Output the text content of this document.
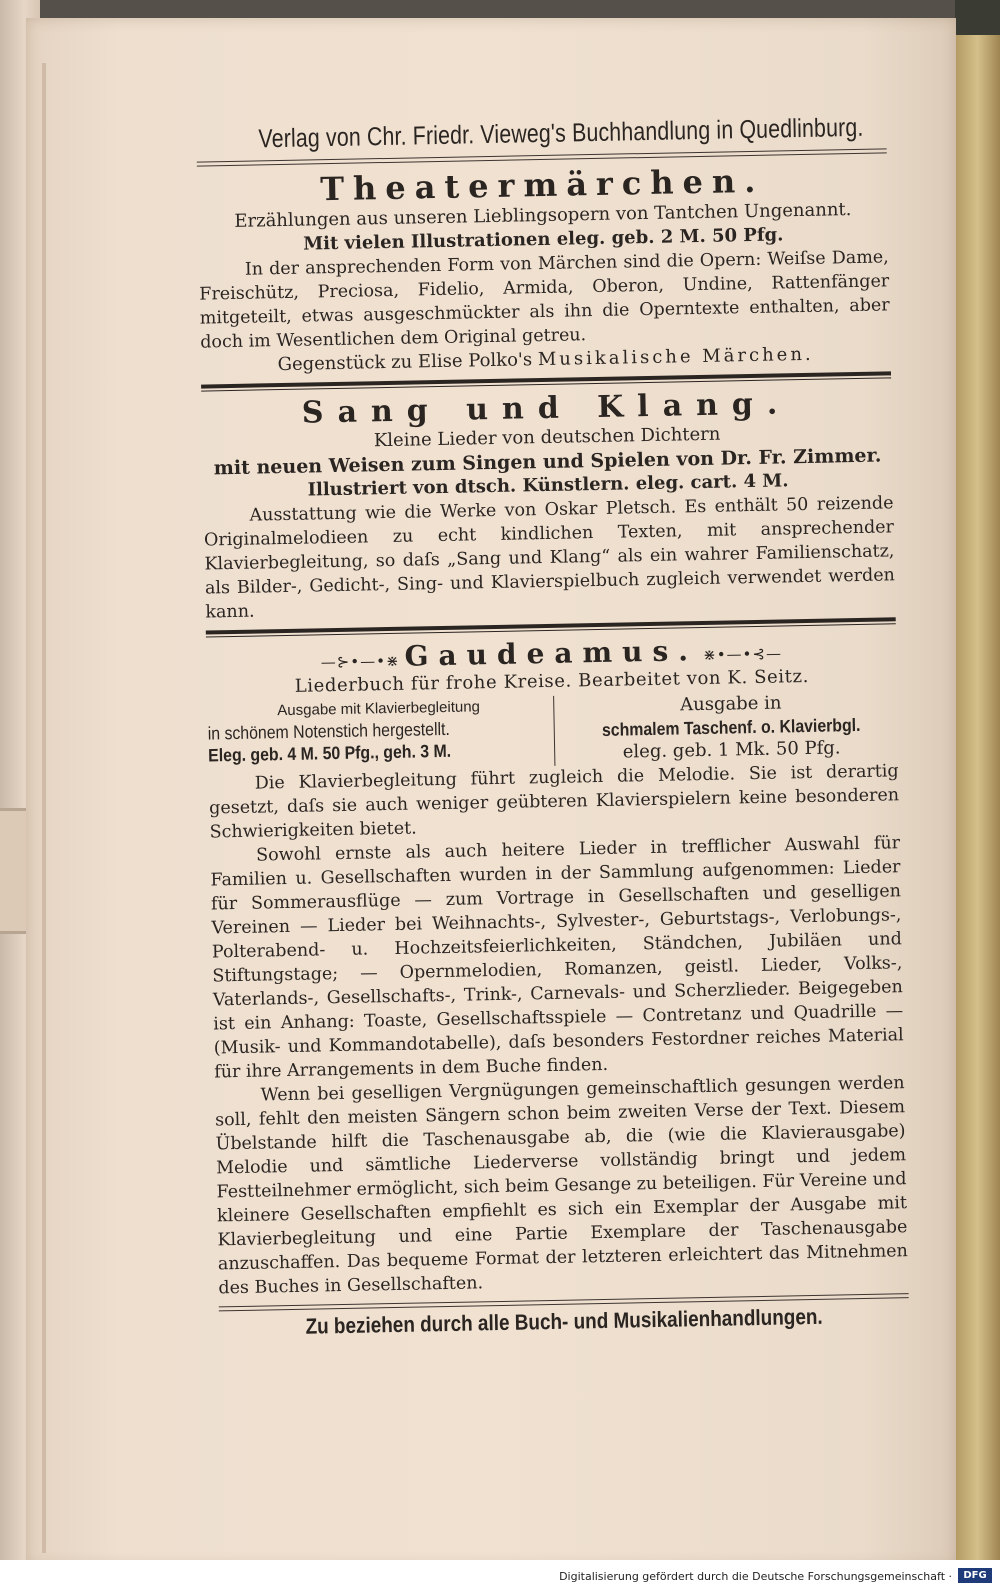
Verlag von Chr. Friedr. Vieweg's Buchhandlung in Quedlinburg.
Theatermärchen.

Erzählungen aus unseren Lieblingsopern von Tantchen Ungenannt.

Mit vielen Illustrationen eleg. geb. 2 M. 50 Pfg.

In der ansprechenden Form von Märchen sind die Opern: Weiſse Dame, Freischütz, Preciosa, Fidelio, Armida, Oberon, Undine, Rattenfänger mitgeteilt, etwas ausgeschmückter als ihn die Operntexte enthalten, aber doch im Wesentlichen dem Original getreu.

Gegenstück zu Elise Polko's Musikalische Märchen.

Sang und Klang.

Kleine Lieder von deutschen Dichtern

mit neuen Weisen zum Singen und Spielen von Dr. Fr. Zimmer.

Illustriert von dtsch. Künstlern. eleg. cart. 4 M.

Ausstattung wie die Werke von Oskar Pletsch. Es enthält 50 reizende Originalmelodieen zu echt kindlichen Texten, mit ansprechender Klavierbegleitung, so daſs „Sang und Klang“ als ein wahrer Familienschatz, als Bilder-, Gedicht-, Sing- und Klavierspielbuch zugleich verwendet werden kann.

—⊱•—•⋇ Gaudeamus. ⋇•—•⊰—

Liederbuch für frohe Kreise. Bearbeitet von K. Seitz.

Ausgabe mit Klavierbegleitung
in schönem Notenstich hergestellt.
Eleg. geb. 4 M. 50 Pfg., geh. 3 M.
Ausgabe in
schmalem Taschenf. o. Klavierbgl.
eleg. geb. 1 Mk. 50 Pfg.

Die Klavierbegleitung führt zugleich die Melodie. Sie ist derartig gesetzt, daſs sie auch weniger geübteren Klavierspielern keine besonderen Schwierigkeiten bietet.

Sowohl ernste als auch heitere Lieder in trefflicher Auswahl für Familien u. Gesellschaften wurden in der Sammlung aufgenommen: Lieder für Sommerausflüge — zum Vortrage in Gesellschaften und geselligen Vereinen — Lieder bei Weihnachts-, Sylvester-, Geburtstags-, Verlobungs-, Polterabend- u. Hochzeitsfeierlichkeiten, Ständchen, Jubiläen und Stiftungstage; — Opernmelodien, Romanzen, geistl. Lieder, Volks-, Vaterlands-, Gesellschafts-, Trink-, Carnevals- und Scherzlieder. Beigegeben ist ein Anhang: Toaste, Gesellschaftsspiele — Contretanz und Quadrille — (Musik- und Kommandotabelle), daſs besonders Festordner reiches Material für ihre Arrangements in dem Buche finden.

Wenn bei geselligen Vergnügungen gemeinschaftlich gesungen werden soll, fehlt den meisten Sängern schon beim zweiten Verse der Text. Diesem Übelstande hilft die Taschenausgabe ab, die (wie die Klavierausgabe) Melodie und sämtliche Liederverse vollständig bringt und jedem Festteilnehmer ermöglicht, sich beim Gesange zu beteiligen. Für Vereine und kleinere Gesellschaften empfiehlt es sich ein Exemplar der Ausgabe mit Klavierbegleitung und eine Partie Exemplare der Taschenausgabe anzuschaffen. Das bequeme Format der letzteren erleichtert das Mitnehmen des Buches in Gesellschaften.

Zu beziehen durch alle Buch- und Musikalienhandlungen.
Digitalisierung gefördert durch die Deutsche Forschungsgemeinschaft ·	DFG
